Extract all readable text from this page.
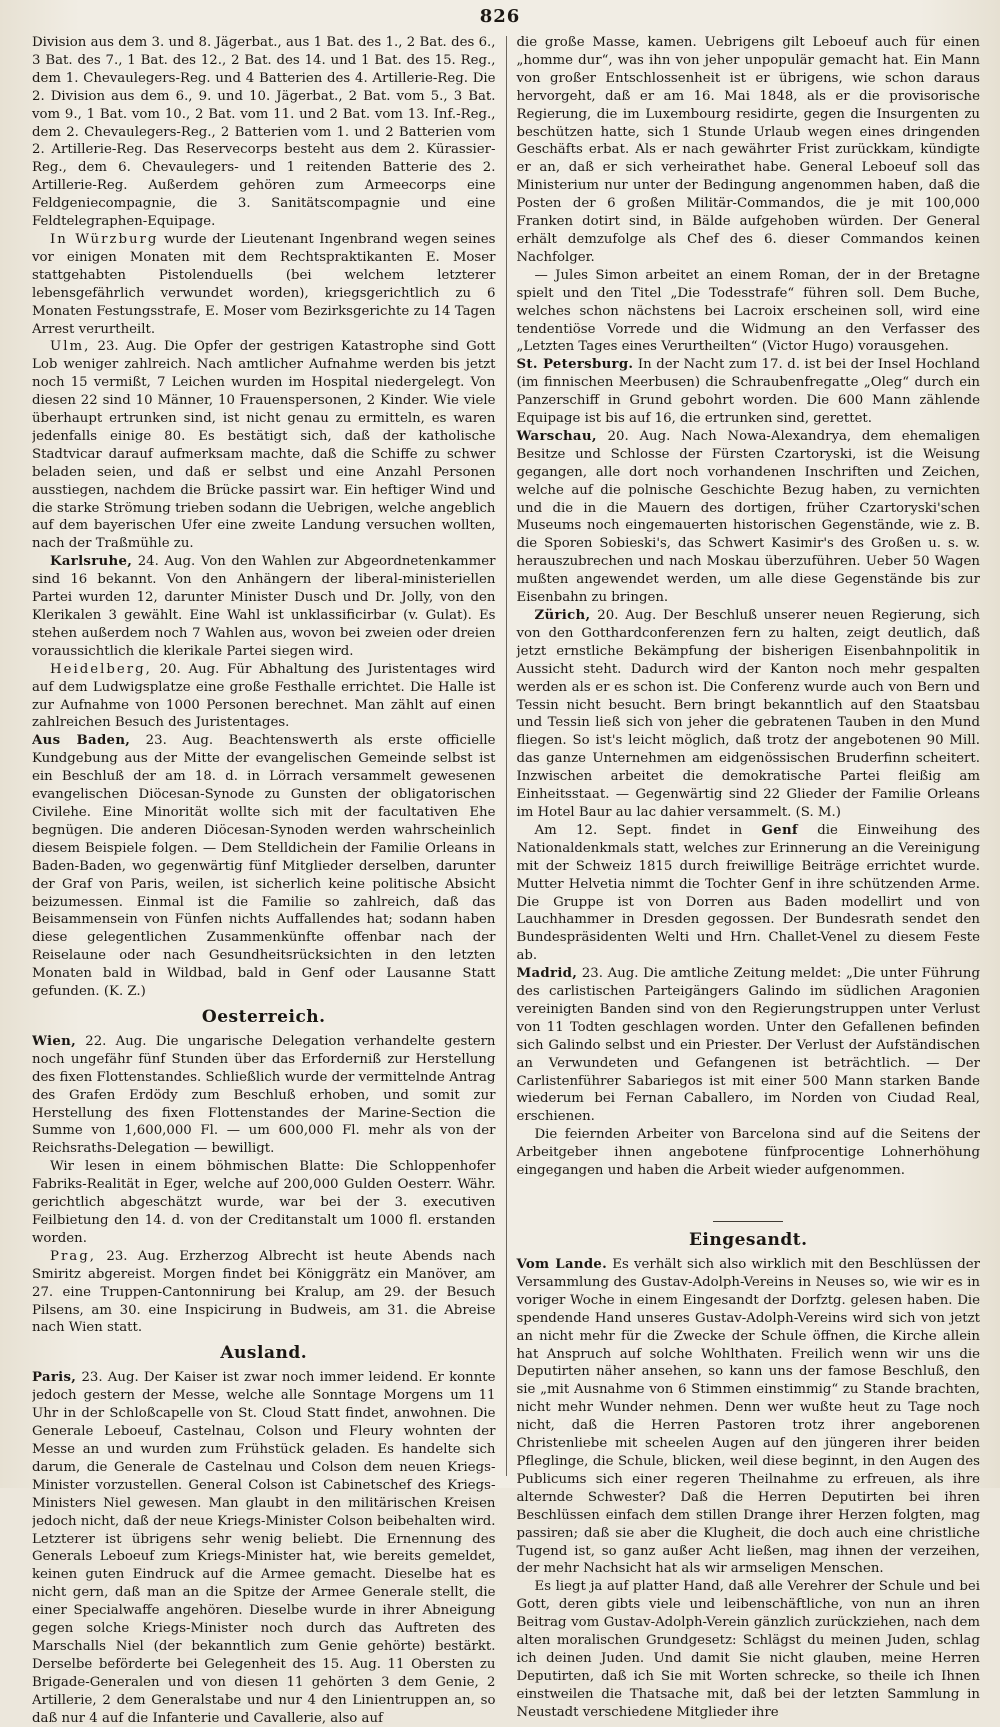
826

Division aus dem 3. und 8. Jägerbat., aus 1 Bat. des 1., 2 Bat. des 6., 3 Bat. des 7., 1 Bat. des 12., 2 Bat. des 14. und 1 Bat. des 15. Reg., dem 1. Chevaulegers-Reg. und 4 Batterien des 4. Artillerie-Reg. Die 2. Division aus dem 6., 9. und 10. Jägerbat., 2 Bat. vom 5., 3 Bat. vom 9., 1 Bat. vom 10., 2 Bat. vom 11. und 2 Bat. vom 13. Inf.-Reg., dem 2. Chevaulegers-Reg., 2 Batterien vom 1. und 2 Batterien vom 2. Artillerie-Reg. Das Reservecorps besteht aus dem 2. Kürassier-Reg., dem 6. Chevaulegers- und 1 reitenden Batterie des 2. Artillerie-Reg. Außerdem gehören zum Armeecorps eine Feldgeniecompagnie, die 3. Sanitätscompagnie und eine Feldtelegraphen-Equipage.

In Würzburg wurde der Lieutenant Ingenbrand wegen seines vor einigen Monaten mit dem Rechtspraktikanten E. Moser stattgehabten Pistolenduells (bei welchem letzterer lebensgefährlich verwundet worden), kriegsgerichtlich zu 6 Monaten Festungsstrafe, E. Moser vom Bezirksgerichte zu 14 Tagen Arrest verurtheilt.

Ulm, 23. Aug. Die Opfer der gestrigen Katastrophe sind Gott Lob weniger zahlreich. Nach amtlicher Aufnahme werden bis jetzt noch 15 vermißt, 7 Leichen wurden im Hospital niedergelegt. Von diesen 22 sind 10 Männer, 10 Frauenspersonen, 2 Kinder. Wie viele überhaupt ertrunken sind, ist nicht genau zu ermitteln, es waren jedenfalls einige 80. Es bestätigt sich, daß der katholische Stadtvicar darauf aufmerksam machte, daß die Schiffe zu schwer beladen seien, und daß er selbst und eine Anzahl Personen ausstiegen, nachdem die Brücke passirt war. Ein heftiger Wind und die starke Strömung trieben sodann die Uebrigen, welche angeblich auf dem bayerischen Ufer eine zweite Landung versuchen wollten, nach der Traßmühle zu.

Karlsruhe, 24. Aug. Von den Wahlen zur Abgeordnetenkammer sind 16 bekannt. Von den Anhängern der liberal-ministeriellen Partei wurden 12, darunter Minister Dusch und Dr. Jolly, von den Klerikalen 3 gewählt. Eine Wahl ist unklassificirbar (v. Gulat). Es stehen außerdem noch 7 Wahlen aus, wovon bei zweien oder dreien voraussichtlich die klerikale Partei siegen wird.

Heidelberg, 20. Aug. Für Abhaltung des Juristentages wird auf dem Ludwigsplatze eine große Festhalle errichtet. Die Halle ist zur Aufnahme von 1000 Personen berechnet. Man zählt auf einen zahlreichen Besuch des Juristentages.

Aus Baden, 23. Aug. Beachtenswerth als erste officielle Kundgebung aus der Mitte der evangelischen Gemeinde selbst ist ein Beschluß der am 18. d. in Lörrach versammelt gewesenen evangelischen Diöcesan-Synode zu Gunsten der obligatorischen Civilehe. Eine Minorität wollte sich mit der facultativen Ehe begnügen. Die anderen Diöcesan-Synoden werden wahrscheinlich diesem Beispiele folgen. — Dem Stelldichein der Familie Orleans in Baden-Baden, wo gegenwärtig fünf Mitglieder derselben, darunter der Graf von Paris, weilen, ist sicherlich keine politische Absicht beizumessen. Einmal ist die Familie so zahlreich, daß das Beisammensein von Fünfen nichts Auffallendes hat; sodann haben diese gelegentlichen Zusammenkünfte offenbar nach der Reiselaune oder nach Gesundheitsrücksichten in den letzten Monaten bald in Wildbad, bald in Genf oder Lausanne Statt gefunden. (K. Z.)

Oesterreich.

Wien, 22. Aug. Die ungarische Delegation verhandelte gestern noch ungefähr fünf Stunden über das Erforderniß zur Herstellung des fixen Flottenstandes. Schließlich wurde der vermittelnde Antrag des Grafen Erdödy zum Beschluß erhoben, und somit zur Herstellung des fixen Flottenstandes der Marine-Section die Summe von 1,600,000 Fl. — um 600,000 Fl. mehr als von der Reichsraths-Delegation — bewilligt.

Wir lesen in einem böhmischen Blatte: Die Schloppenhofer Fabriks-Realität in Eger, welche auf 200,000 Gulden Oesterr. Währ. gerichtlich abgeschätzt wurde, war bei der 3. executiven Feilbietung den 14. d. von der Creditanstalt um 1000 fl. erstanden worden.

Prag, 23. Aug. Erzherzog Albrecht ist heute Abends nach Smiritz abgereist. Morgen findet bei Königgrätz ein Manöver, am 27. eine Truppen-Cantonnirung bei Kralup, am 29. der Besuch Pilsens, am 30. eine Inspicirung in Budweis, am 31. die Abreise nach Wien statt.

Ausland.

Paris, 23. Aug. Der Kaiser ist zwar noch immer leidend. Er konnte jedoch gestern der Messe, welche alle Sonntage Morgens um 11 Uhr in der Schloßcapelle von St. Cloud Statt findet, anwohnen. Die Generale Leboeuf, Castelnau, Colson und Fleury wohnten der Messe an und wurden zum Frühstück geladen. Es handelte sich darum, die Generale de Castelnau und Colson dem neuen Kriegs-Minister vorzustellen. General Colson ist Cabinetschef des Kriegs-Ministers Niel gewesen. Man glaubt in den militärischen Kreisen jedoch nicht, daß der neue Kriegs-Minister Colson beibehalten wird. Letzterer ist übrigens sehr wenig beliebt. Die Ernennung des Generals Leboeuf zum Kriegs-Minister hat, wie bereits gemeldet, keinen guten Eindruck auf die Armee gemacht. Dieselbe hat es nicht gern, daß man an die Spitze der Armee Generale stellt, die einer Specialwaffe angehören. Dieselbe wurde in ihrer Abneigung gegen solche Kriegs-Minister noch durch das Auftreten des Marschalls Niel (der bekanntlich zum Genie gehörte) bestärkt. Derselbe beförderte bei Gelegenheit des 15. Aug. 11 Obersten zu Brigade-Generalen und von diesen 11 gehörten 3 dem Genie, 2 Artillerie, 2 dem Generalstabe und nur 4 den Linientruppen an, so daß nur 4 auf die Infanterie und Cavallerie, also auf

die große Masse, kamen. Uebrigens gilt Leboeuf auch für einen „homme dur“, was ihn von jeher unpopulär gemacht hat. Ein Mann von großer Entschlossenheit ist er übrigens, wie schon daraus hervorgeht, daß er am 16. Mai 1848, als er die provisorische Regierung, die im Luxembourg residirte, gegen die Insurgenten zu beschützen hatte, sich 1 Stunde Urlaub wegen eines dringenden Geschäfts erbat. Als er nach gewährter Frist zurückkam, kündigte er an, daß er sich verheirathet habe. General Leboeuf soll das Ministerium nur unter der Bedingung angenommen haben, daß die Posten der 6 großen Militär-Commandos, die je mit 100,000 Franken dotirt sind, in Bälde aufgehoben würden. Der General erhält demzufolge als Chef des 6. dieser Commandos keinen Nachfolger.

— Jules Simon arbeitet an einem Roman, der in der Bretagne spielt und den Titel „Die Todesstrafe“ führen soll. Dem Buche, welches schon nächstens bei Lacroix erscheinen soll, wird eine tendentiöse Vorrede und die Widmung an den Verfasser des „Letzten Tages eines Verurtheilten“ (Victor Hugo) vorausgehen.

St. Petersburg. In der Nacht zum 17. d. ist bei der Insel Hochland (im finnischen Meerbusen) die Schraubenfregatte „Oleg“ durch ein Panzerschiff in Grund gebohrt worden. Die 600 Mann zählende Equipage ist bis auf 16, die ertrunken sind, gerettet.

Warschau, 20. Aug. Nach Nowa-Alexandrya, dem ehemaligen Besitze und Schlosse der Fürsten Czartoryski, ist die Weisung gegangen, alle dort noch vorhandenen Inschriften und Zeichen, welche auf die polnische Geschichte Bezug haben, zu vernichten und die in die Mauern des dortigen, früher Czartoryski'schen Museums noch eingemauerten historischen Gegenstände, wie z. B. die Sporen Sobieski's, das Schwert Kasimir's des Großen u. s. w. herauszubrechen und nach Moskau überzuführen. Ueber 50 Wagen mußten angewendet werden, um alle diese Gegenstände bis zur Eisenbahn zu bringen.

Zürich, 20. Aug. Der Beschluß unserer neuen Regierung, sich von den Gotthardconferenzen fern zu halten, zeigt deutlich, daß jetzt ernstliche Bekämpfung der bisherigen Eisenbahnpolitik in Aussicht steht. Dadurch wird der Kanton noch mehr gespalten werden als er es schon ist. Die Conferenz wurde auch von Bern und Tessin nicht besucht. Bern bringt bekanntlich auf den Staatsbau und Tessin ließ sich von jeher die gebratenen Tauben in den Mund fliegen. So ist's leicht möglich, daß trotz der angebotenen 90 Mill. das ganze Unternehmen am eidgenössischen Bruderfinn scheitert. Inzwischen arbeitet die demokratische Partei fleißig am Einheitsstaat. — Gegenwärtig sind 22 Glieder der Familie Orleans im Hotel Baur au lac dahier versammelt. (S. M.)

Am 12. Sept. findet in Genf die Einweihung des Nationaldenkmals statt, welches zur Erinnerung an die Vereinigung mit der Schweiz 1815 durch freiwillige Beiträge errichtet wurde. Mutter Helvetia nimmt die Tochter Genf in ihre schützenden Arme. Die Gruppe ist von Dorren aus Baden modellirt und von Lauchhammer in Dresden gegossen. Der Bundesrath sendet den Bundespräsidenten Welti und Hrn. Challet-Venel zu diesem Feste ab.

Madrid, 23. Aug. Die amtliche Zeitung meldet: „Die unter Führung des carlistischen Parteigängers Galindo im südlichen Aragonien vereinigten Banden sind von den Regierungstruppen unter Verlust von 11 Todten geschlagen worden. Unter den Gefallenen befinden sich Galindo selbst und ein Priester. Der Verlust der Aufständischen an Verwundeten und Gefangenen ist beträchtlich. — Der Carlistenführer Sabariegos ist mit einer 500 Mann starken Bande wiederum bei Fernan Caballero, im Norden von Ciudad Real, erschienen.

Die feiernden Arbeiter von Barcelona sind auf die Seitens der Arbeitgeber ihnen angebotene fünfprocentige Lohnerhöhung eingegangen und haben die Arbeit wieder aufgenommen.

Eingesandt.

Vom Lande. Es verhält sich also wirklich mit den Beschlüssen der Versammlung des Gustav-Adolph-Vereins in Neuses so, wie wir es in voriger Woche in einem Eingesandt der Dorfztg. gelesen haben. Die spendende Hand unseres Gustav-Adolph-Vereins wird sich von jetzt an nicht mehr für die Zwecke der Schule öffnen, die Kirche allein hat Anspruch auf solche Wohlthaten. Freilich wenn wir uns die Deputirten näher ansehen, so kann uns der famose Beschluß, den sie „mit Ausnahme von 6 Stimmen einstimmig“ zu Stande brachten, nicht mehr Wunder nehmen. Denn wer wußte heut zu Tage noch nicht, daß die Herren Pastoren trotz ihrer angeborenen Christenliebe mit scheelen Augen auf den jüngeren ihrer beiden Pfleglinge, die Schule, blicken, weil diese beginnt, in den Augen des Publicums sich einer regeren Theilnahme zu erfreuen, als ihre alternde Schwester? Daß die Herren Deputirten bei ihren Beschlüssen einfach dem stillen Drange ihrer Herzen folgten, mag passiren; daß sie aber die Klugheit, die doch auch eine christliche Tugend ist, so ganz außer Acht ließen, mag ihnen der verzeihen, der mehr Nachsicht hat als wir armseligen Menschen.

Es liegt ja auf platter Hand, daß alle Verehrer der Schule und bei Gott, deren gibts viele und leibenschäftliche, von nun an ihren Beitrag vom Gustav-Adolph-Verein gänzlich zurückziehen, nach dem alten moralischen Grundgesetz: Schlägst du meinen Juden, schlag ich deinen Juden. Und damit Sie nicht glauben, meine Herren Deputirten, daß ich Sie mit Worten schrecke, so theile ich Ihnen einstweilen die Thatsache mit, daß bei der letzten Sammlung in Neustadt verschiedene Mitglieder ihre
